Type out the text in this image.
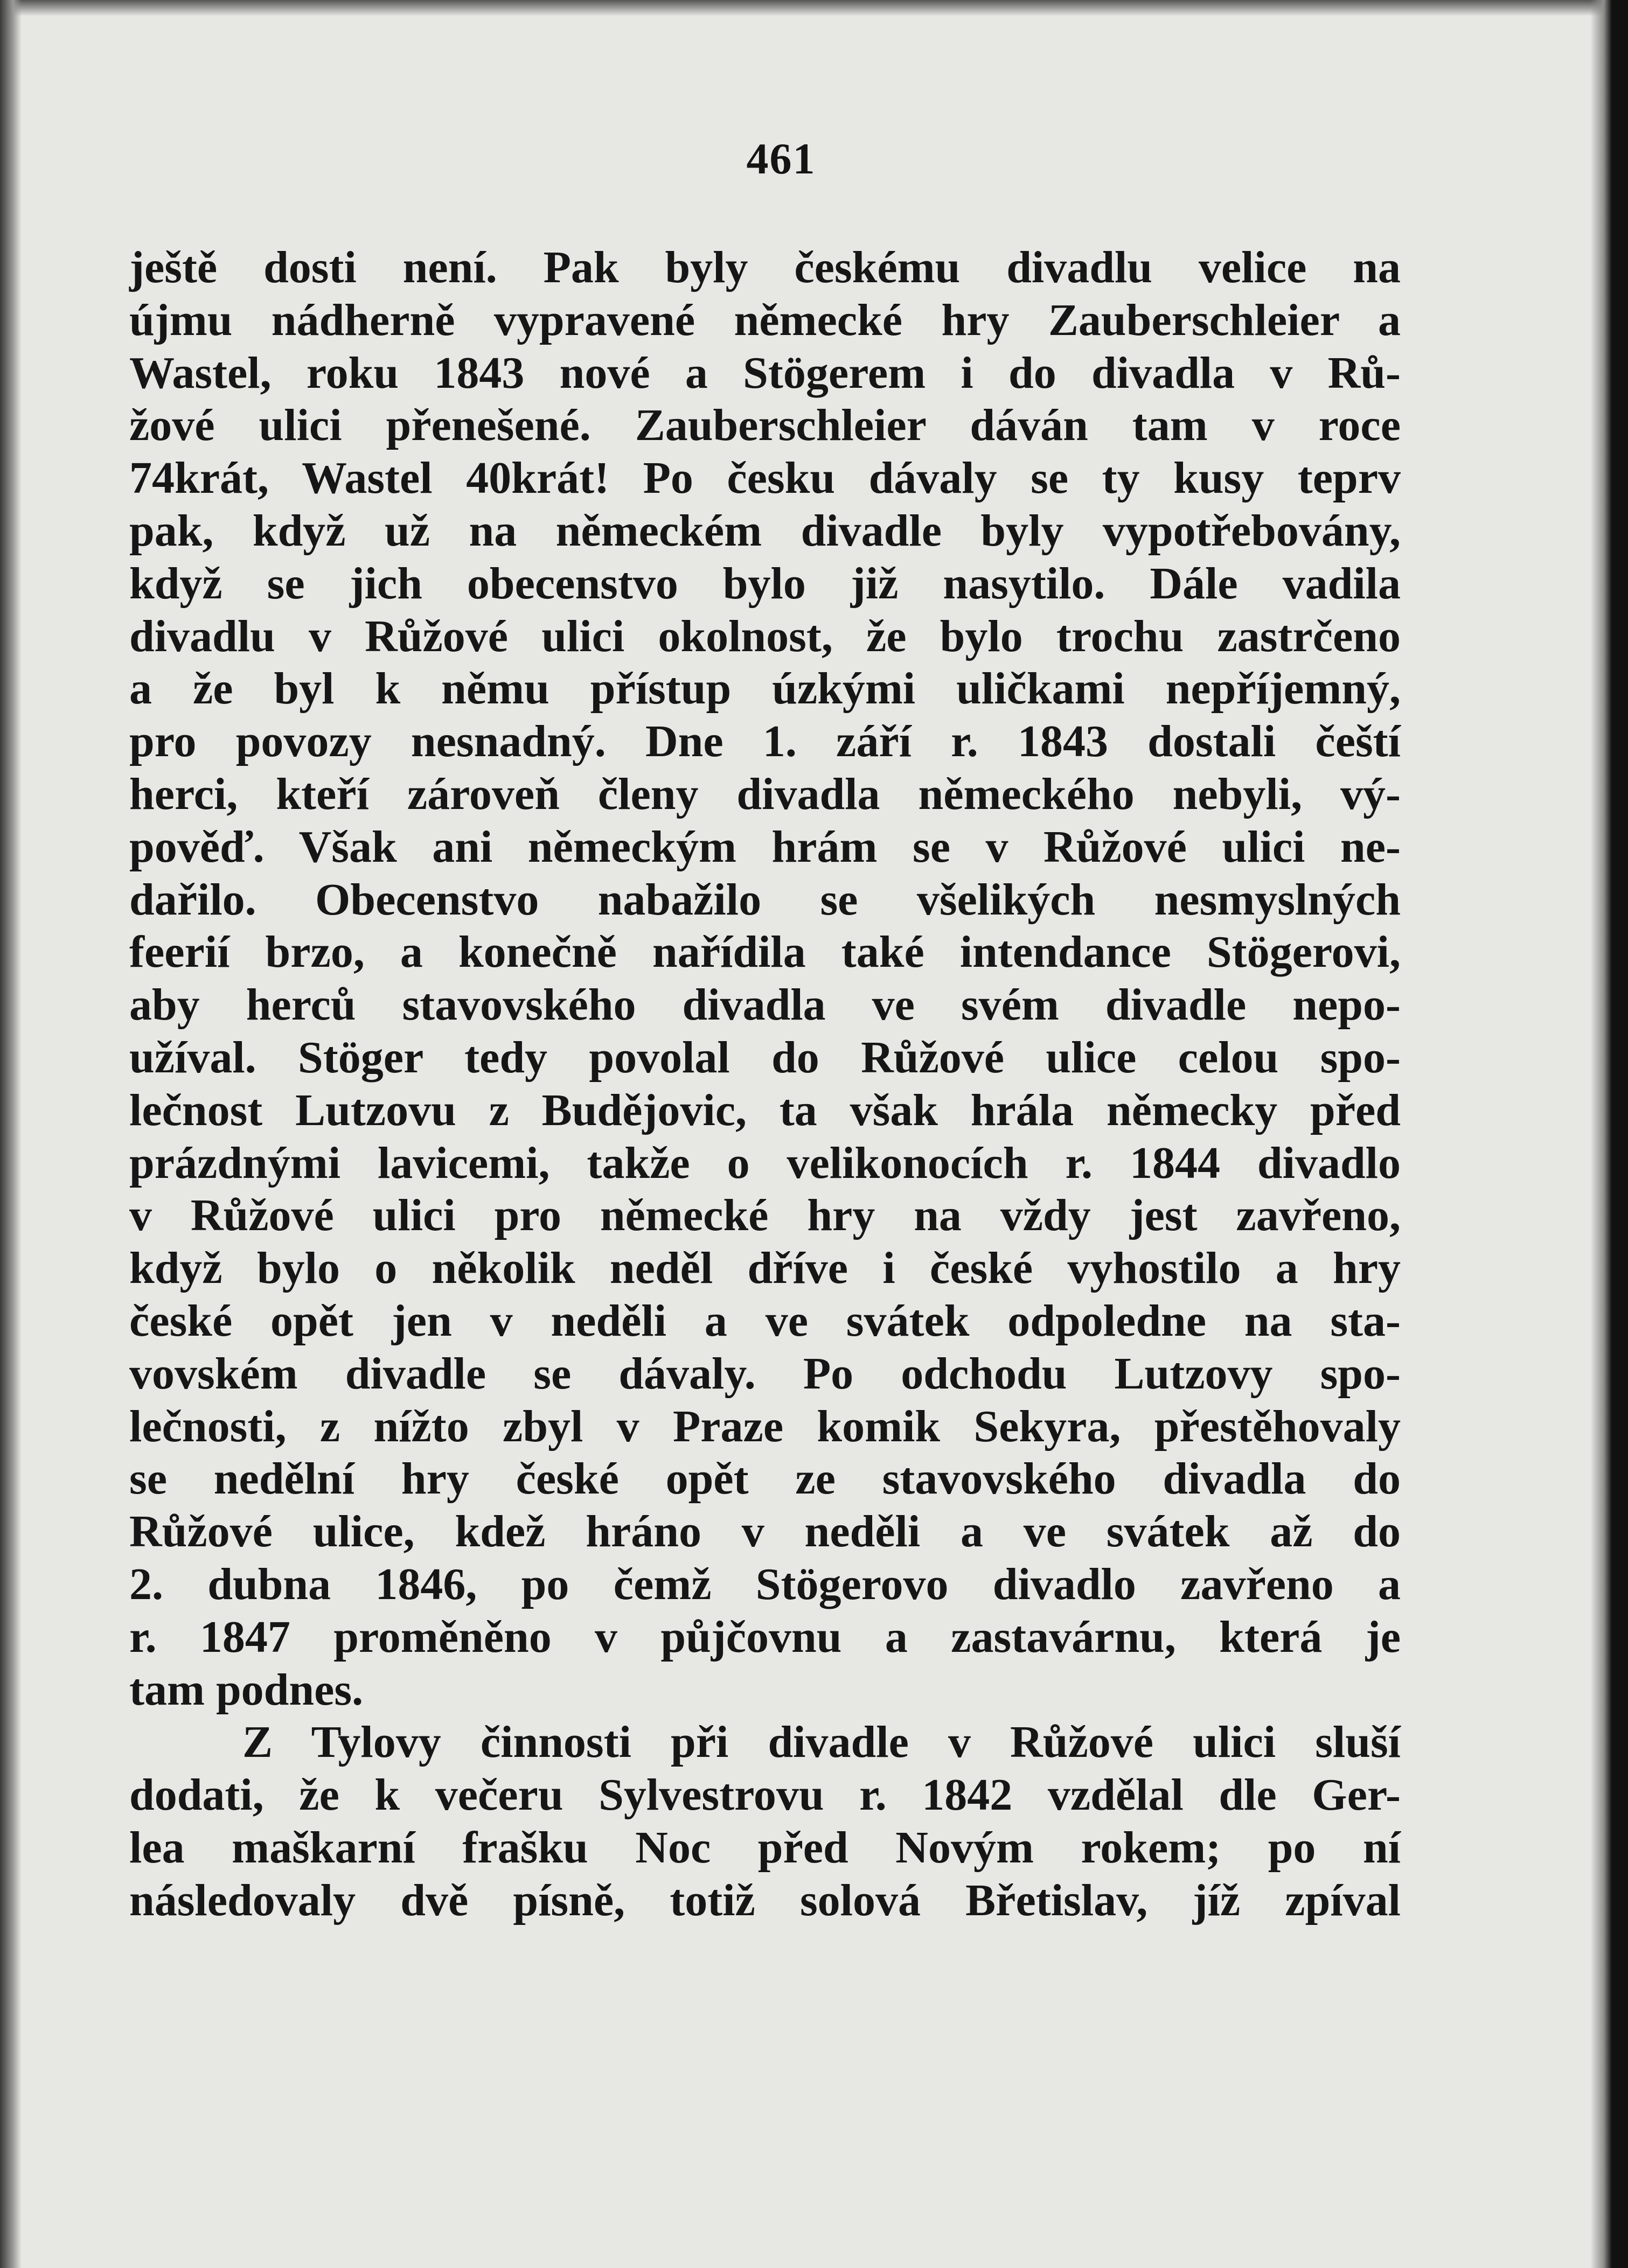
461
ještě dosti není. Pak byly českému divadlu velice na
újmu nádherně vypravené německé hry Zauberschleier a
Wastel, roku 1843 nové a Stögerem i do divadla v Rů-
žové ulici přenešené. Zauberschleier dáván tam v roce
74krát, Wastel 40krát! Po česku dávaly se ty kusy teprv
pak, když už na německém divadle byly vypotřebovány,
když se jich obecenstvo bylo již nasytilo. Dále vadila
divadlu v Růžové ulici okolnost, že bylo trochu zastrčeno
a že byl k němu přístup úzkými uličkami nepříjemný,
pro povozy nesnadný. Dne 1. září r. 1843 dostali čeští
herci, kteří zároveň členy divadla německého nebyli, vý-
pověď. Však ani německým hrám se v Růžové ulici ne-
dařilo. Obecenstvo nabažilo se všelikých nesmyslných
feerií brzo, a konečně nařídila také intendance Stögerovi,
aby herců stavovského divadla ve svém divadle nepo-
užíval. Stöger tedy povolal do Růžové ulice celou spo-
lečnost Lutzovu z Budějovic, ta však hrála německy před
prázdnými lavicemi, takže o velikonocích r. 1844 divadlo
v Růžové ulici pro německé hry na vždy jest zavřeno,
když bylo o několik neděl dříve i české vyhostilo a hry
české opět jen v neděli a ve svátek odpoledne na sta-
vovském divadle se dávaly. Po odchodu Lutzovy spo-
lečnosti, z nížto zbyl v Praze komik Sekyra, přestěhovaly
se nedělní hry české opět ze stavovského divadla do
Růžové ulice, kdež hráno v neděli a ve svátek až do
2. dubna 1846, po čemž Stögerovo divadlo zavřeno a
r. 1847 proměněno v půjčovnu a zastavárnu, která je
tam podnes.
Z Tylovy činnosti při divadle v Růžové ulici sluší
dodati, že k večeru Sylvestrovu r. 1842 vzdělal dle Ger-
lea maškarní frašku Noc před Novým rokem; po ní
následovaly dvě písně, totiž solová Břetislav, jíž zpíval
